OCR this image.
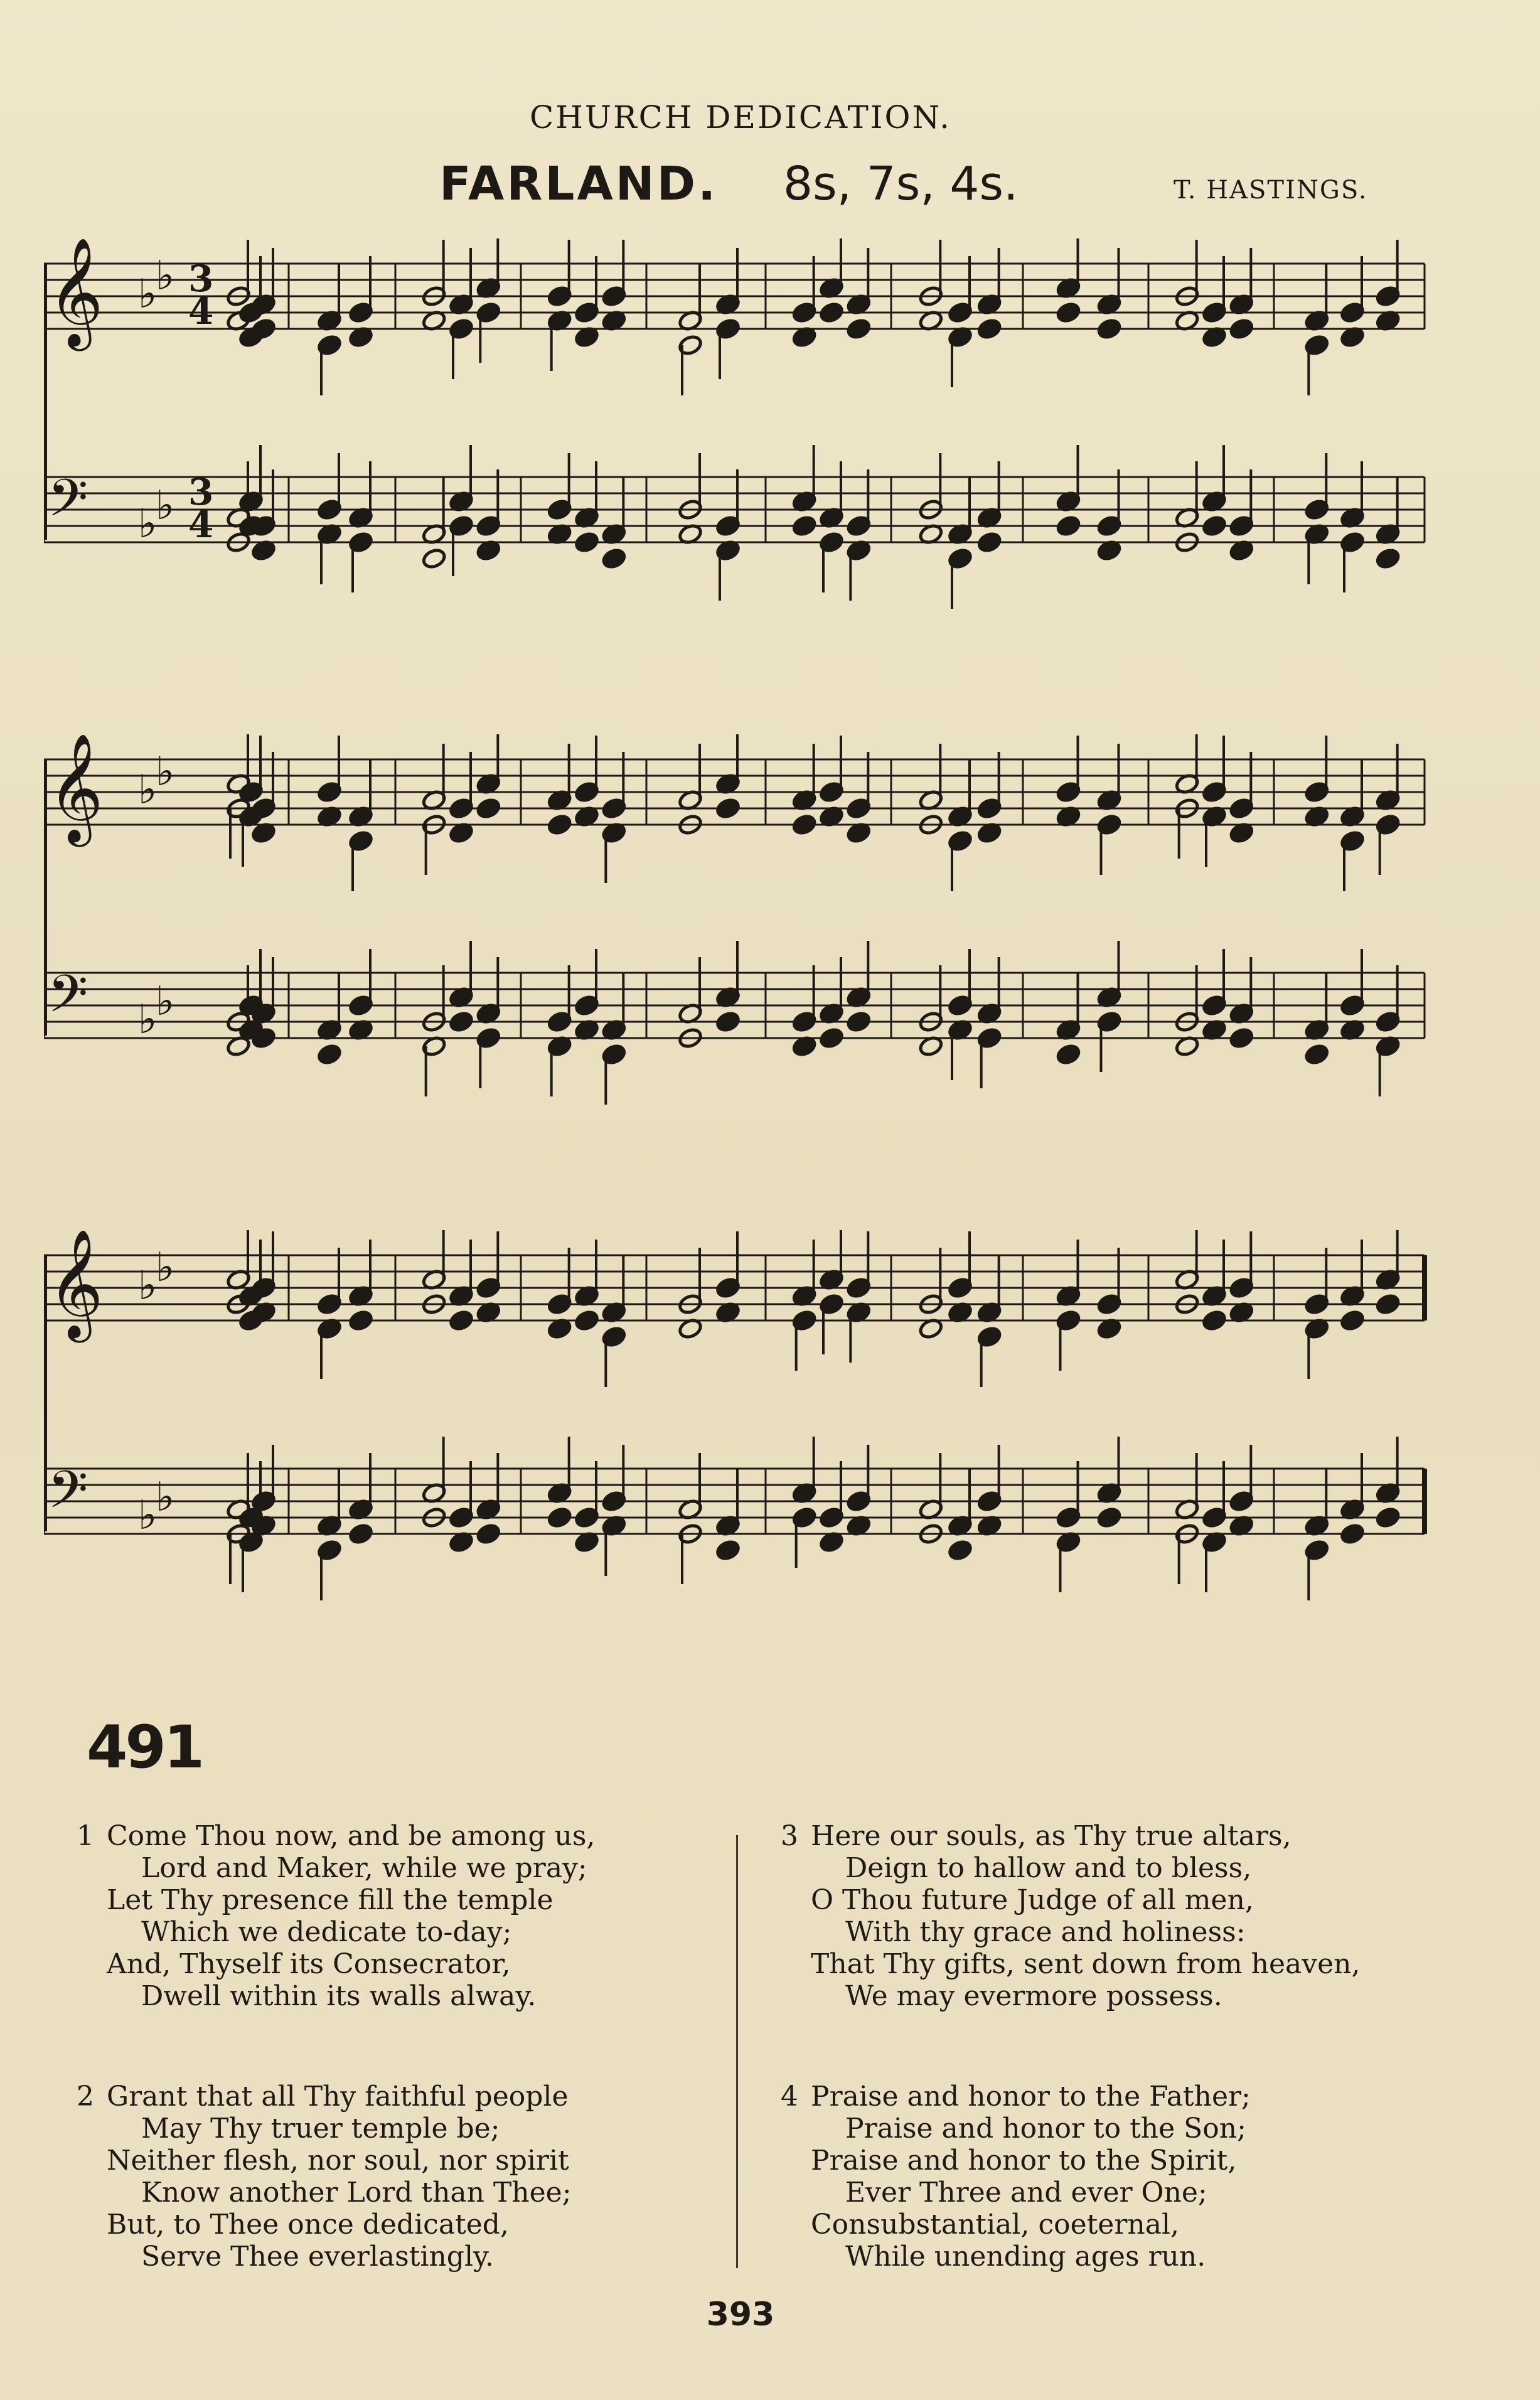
CHURCH DEDICATION.
FARLAND. 8s, 7s, 4s.	T. HASTINGS.
𝄞 ♭
♭ 3
4
𝄢 ♭
♭ 3
4
𝄞 ♭
♭
𝄢 ♭
♭
𝄞 ♭
♭
𝄢 ♭
♭
491
1 Come Thou now, and be among us,
Lord and Maker, while we pray;
Let Thy presence fill the temple
Which we dedicate to-day;
And, Thyself its Consecrator,
Dwell within its walls alway.
2 Grant that all Thy faithful people
May Thy truer temple be;
Neither flesh, nor soul, nor spirit
Know another Lord than Thee;
But, to Thee once dedicated,
Serve Thee everlastingly.
3 Here our souls, as Thy true altars,
Deign to hallow and to bless,
O Thou future Judge of all men,
With thy grace and holiness:
That Thy gifts, sent down from heaven,
We may evermore possess.
4 Praise and honor to the Father;
Praise and honor to the Son;
Praise and honor to the Spirit,
Ever Three and ever One;
Consubstantial, coeternal,
While unending ages run.
393
